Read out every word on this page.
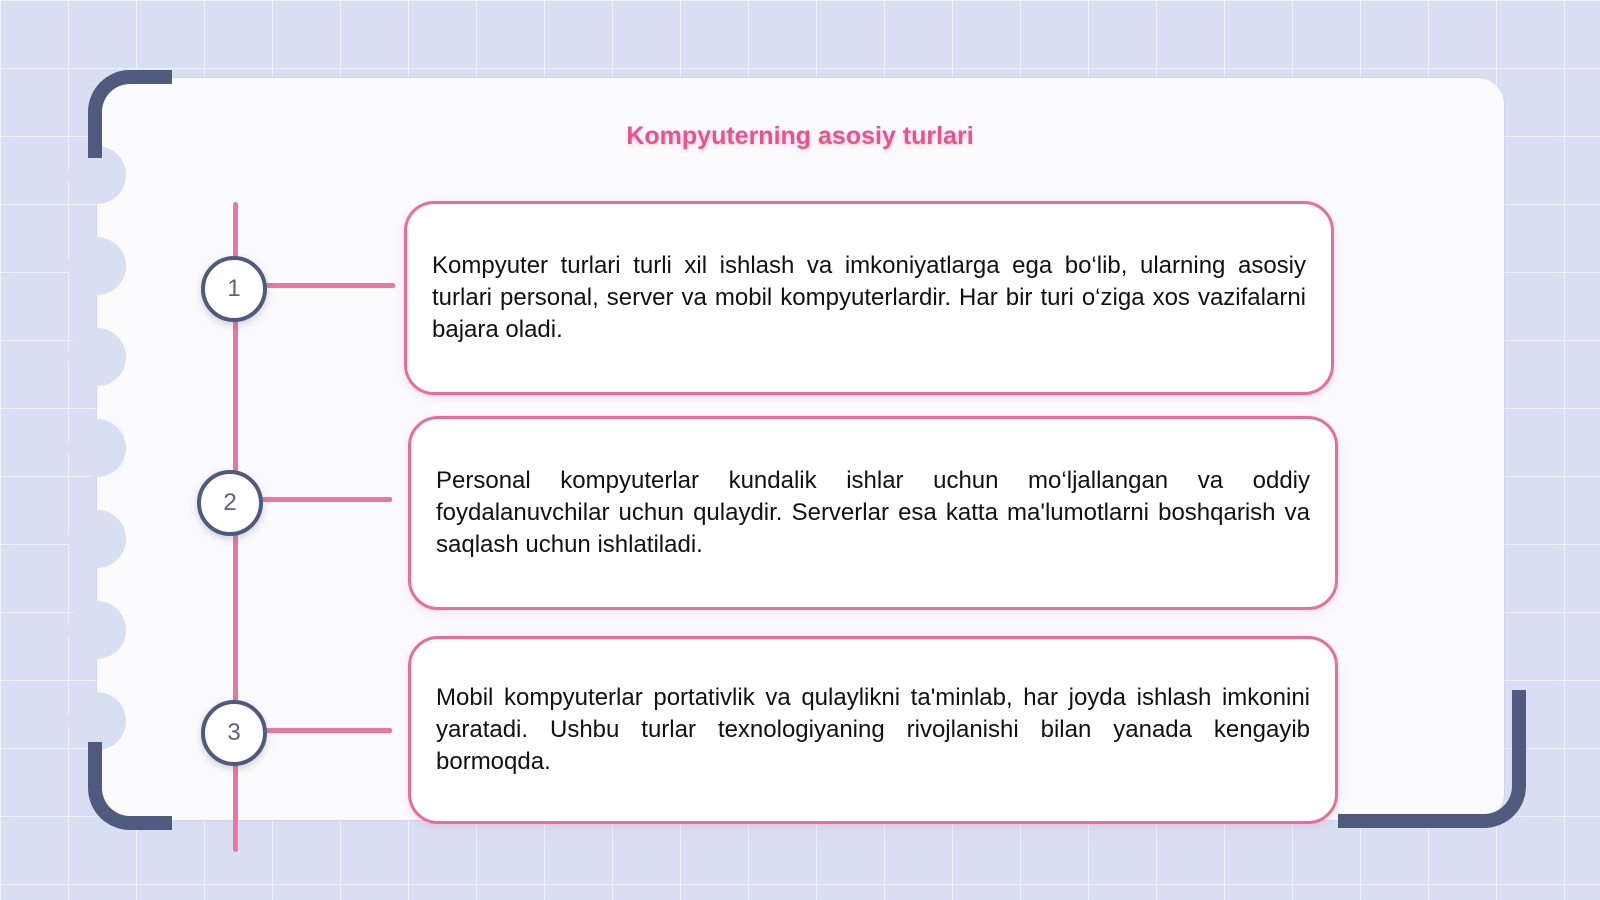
Kompyuterning asosiy turlari
1
2
3

Kompyuter turlari turli xil ishlash va imkoniyatlarga ega bo‘lib, ularning asosiy turlari personal, server va mobil kompyuterlardir. Har bir turi o‘ziga xos vazifalarni bajara oladi.

Personal kompyuterlar kundalik ishlar uchun mo‘ljallangan va oddiy foydalanuvchilar uchun qulaydir. Serverlar esa katta ma'lumotlarni boshqarish va saqlash uchun ishlatiladi.

Mobil kompyuterlar portativlik va qulaylikni ta'minlab, har joyda ishlash imkonini yaratadi. Ushbu turlar texnologiyaning rivojlanishi bilan yanada kengayib bormoqda.
